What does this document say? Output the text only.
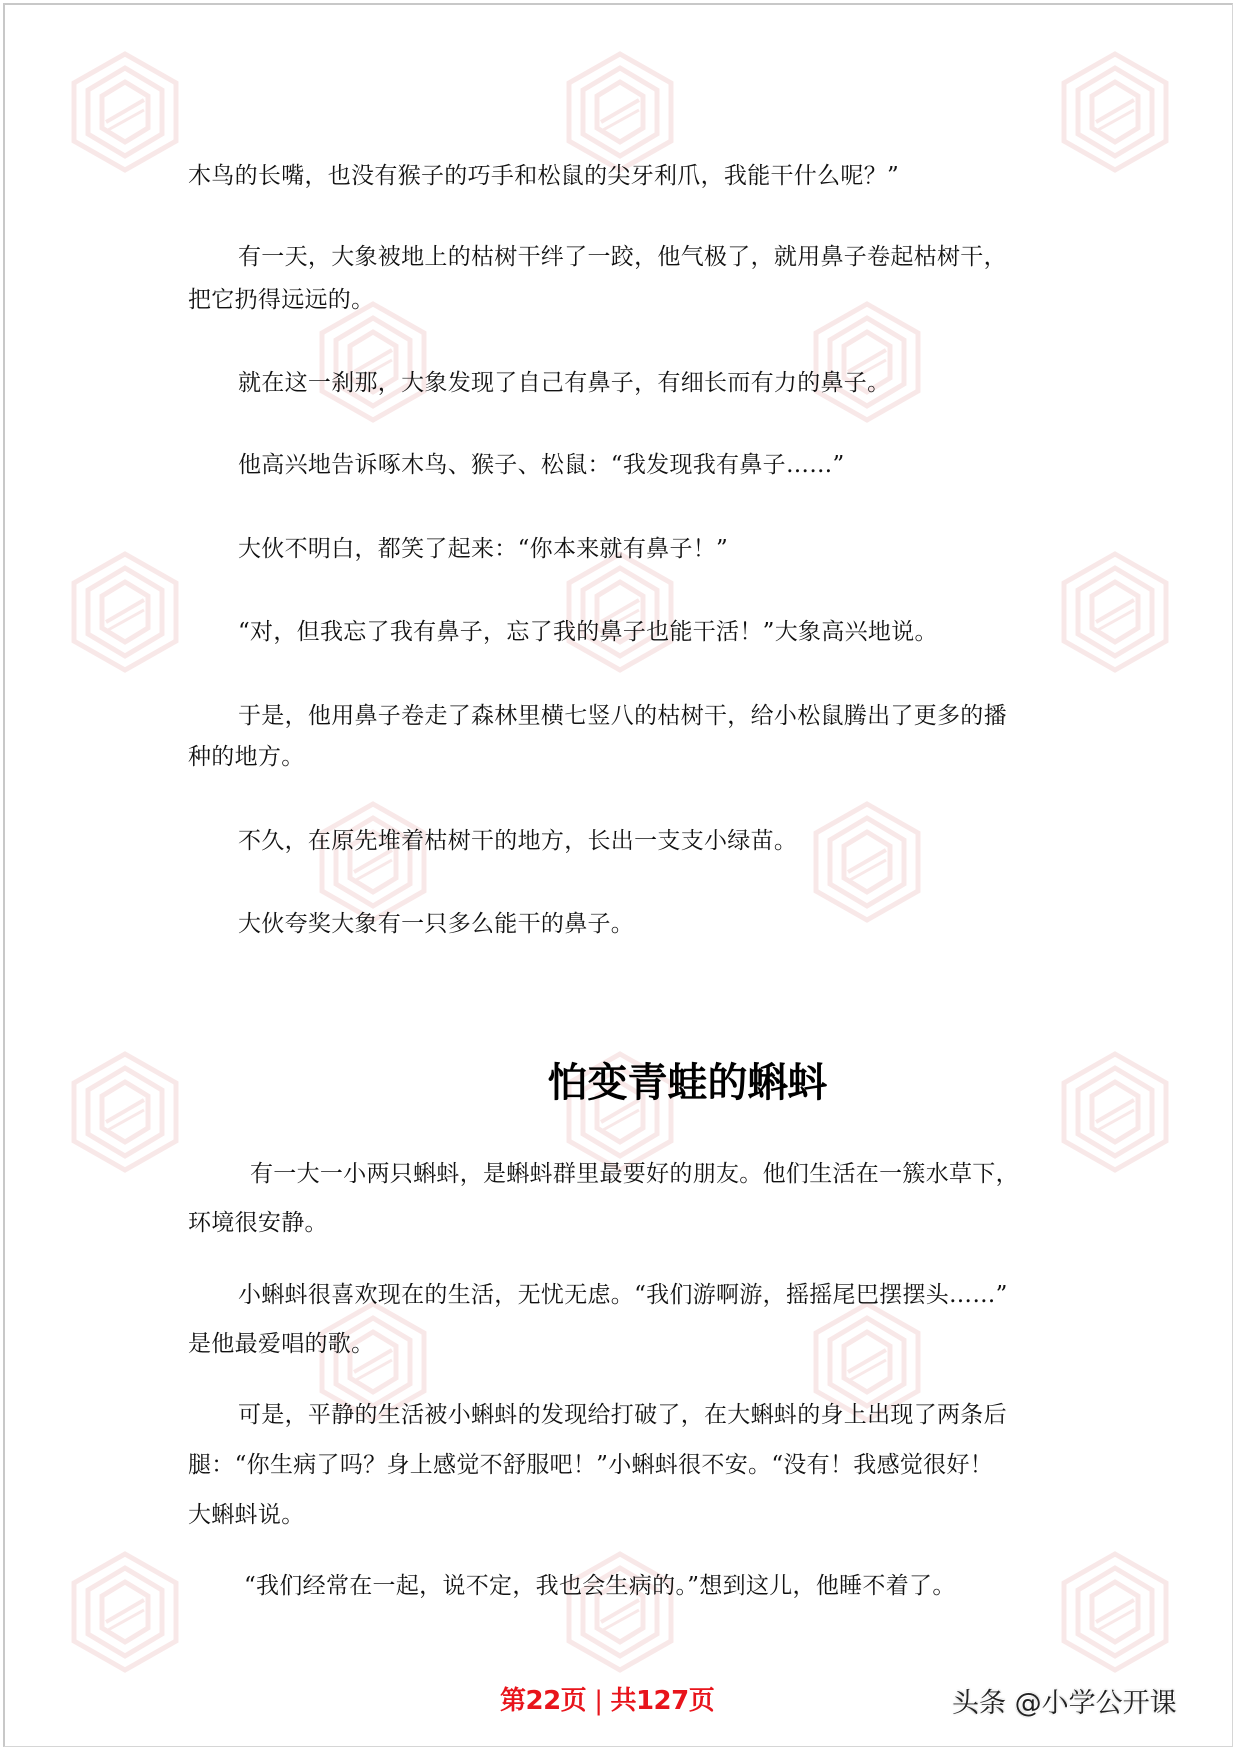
木鸟的长嘴，也没有猴子的巧手和松鼠的尖牙利爪，我能干什么呢？”
有一天，大象被地上的枯树干绊了一跤，他气极了，就用鼻子卷起枯树干，
把它扔得远远的。
就在这一刹那，大象发现了自己有鼻子，有细长而有力的鼻子。
他高兴地告诉啄木鸟、猴子、松鼠：“我发现我有鼻子……”
大伙不明白，都笑了起来：“你本来就有鼻子！”
“对，但我忘了我有鼻子，忘了我的鼻子也能干活！”大象高兴地说。
于是，他用鼻子卷走了森林里横七竖八的枯树干，给小松鼠腾出了更多的播
种的地方。
不久，在原先堆着枯树干的地方，长出一支支小绿苗。
大伙夸奖大象有一只多么能干的鼻子。
怕变青蛙的蝌蚪
有一大一小两只蝌蚪，是蝌蚪群里最要好的朋友。他们生活在一簇水草下，
环境很安静。
小蝌蚪很喜欢现在的生活，无忧无虑。“我们游啊游，摇摇尾巴摆摆头……”
是他最爱唱的歌。
可是，平静的生活被小蝌蚪的发现给打破了，在大蝌蚪的身上出现了两条后
腿：“你生病了吗？身上感觉不舒服吧！”小蝌蚪很不安。“没有！我感觉很好！
大蝌蚪说。
“我们经常在一起，说不定，我也会生病的。”想到这儿，他睡不着了。
第22页 | 共127页	头条 @小学公开课
